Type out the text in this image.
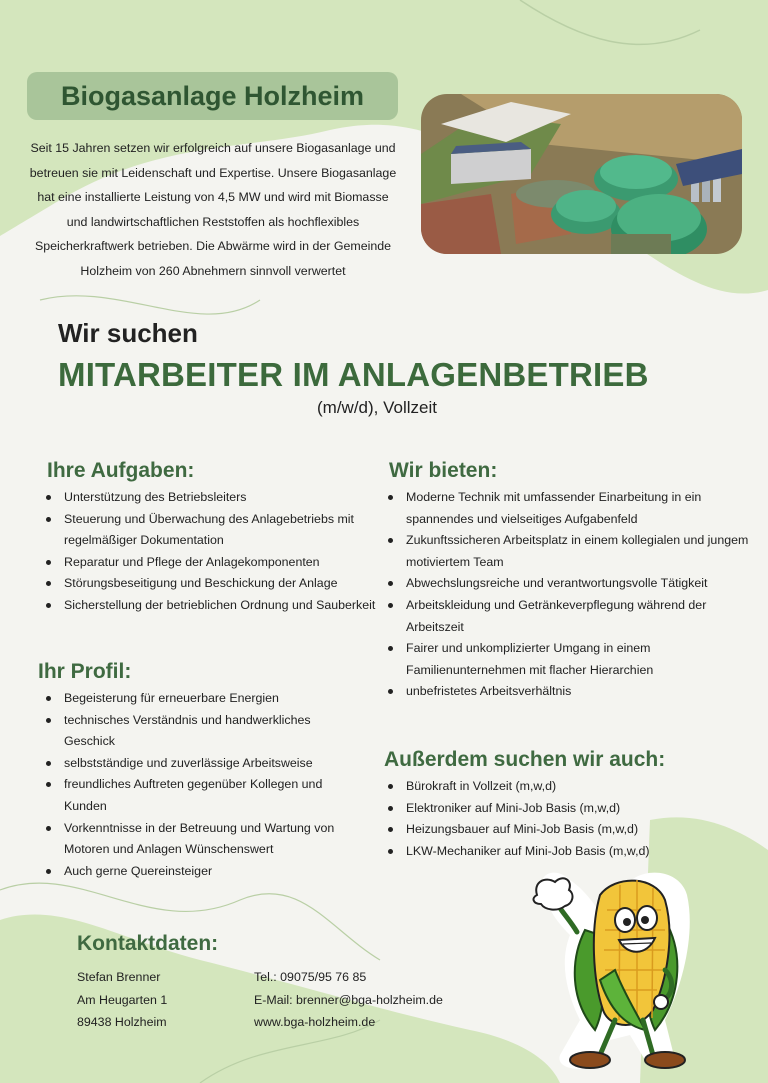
Biogasanlage Holzheim
Seit 15 Jahren setzen wir erfolgreich auf unsere Biogasanlage und betreuen sie mit Leidenschaft und Expertise. Unsere Biogasanlage hat eine installierte Leistung von 4,5 MW und wird mit Biomasse und landwirtschaftlichen Reststoffen als hochflexibles Speicherkraftwerk betrieben. Die Abwärme wird in der Gemeinde Holzheim von 260 Abnehmern sinnvoll verwertet

Wir suchen

MITARBEITER IM ANLAGENBETRIEB

(m/w/d), Vollzeit

Ihre Aufgaben:
Unterstützung des Betriebsleiters
Steuerung und Überwachung des Anlagebetriebs mit regelmäßiger Dokumentation
Reparatur und Pflege der Anlagekomponenten
Störungsbeseitigung und Beschickung der Anlage
Sicherstellung der betrieblichen Ordnung und Sauberkeit
Ihr Profil:
Begeisterung für erneuerbare Energien
technisches Verständnis und handwerkliches Geschick
selbstständige und zuverlässige Arbeitsweise
freundliches Auftreten gegenüber Kollegen und Kunden
Vorkenntnisse in der Betreuung und Wartung von Motoren und Anlagen Wünschenswert
Auch gerne Quereinsteiger
Wir bieten:
Moderne Technik mit umfassender Einarbeitung in ein spannendes und vielseitiges Aufgabenfeld
Zukunftssicheren Arbeitsplatz in einem kollegialen und jungem motiviertem Team
Abwechslungsreiche und verantwortungsvolle Tätigkeit
Arbeitskleidung und Getränkeverpflegung während der Arbeitszeit
Fairer und unkomplizierter Umgang in einem Familienunternehmen mit flacher Hierarchien
unbefristetes Arbeitsverhältnis
Außerdem suchen wir auch:
Bürokraft in Vollzeit (m,w,d)
Elektroniker auf Mini-Job Basis (m,w,d)
Heizungsbauer auf Mini-Job Basis (m,w,d)
LKW-Mechaniker auf Mini-Job Basis (m,w,d)
Kontaktdaten:
Stefan Brenner	Tel.: 09075/95 76 85
Am Heugarten 1	E-Mail: brenner@bga-holzheim.de
89438 Holzheim	www.bga-holzheim.de
